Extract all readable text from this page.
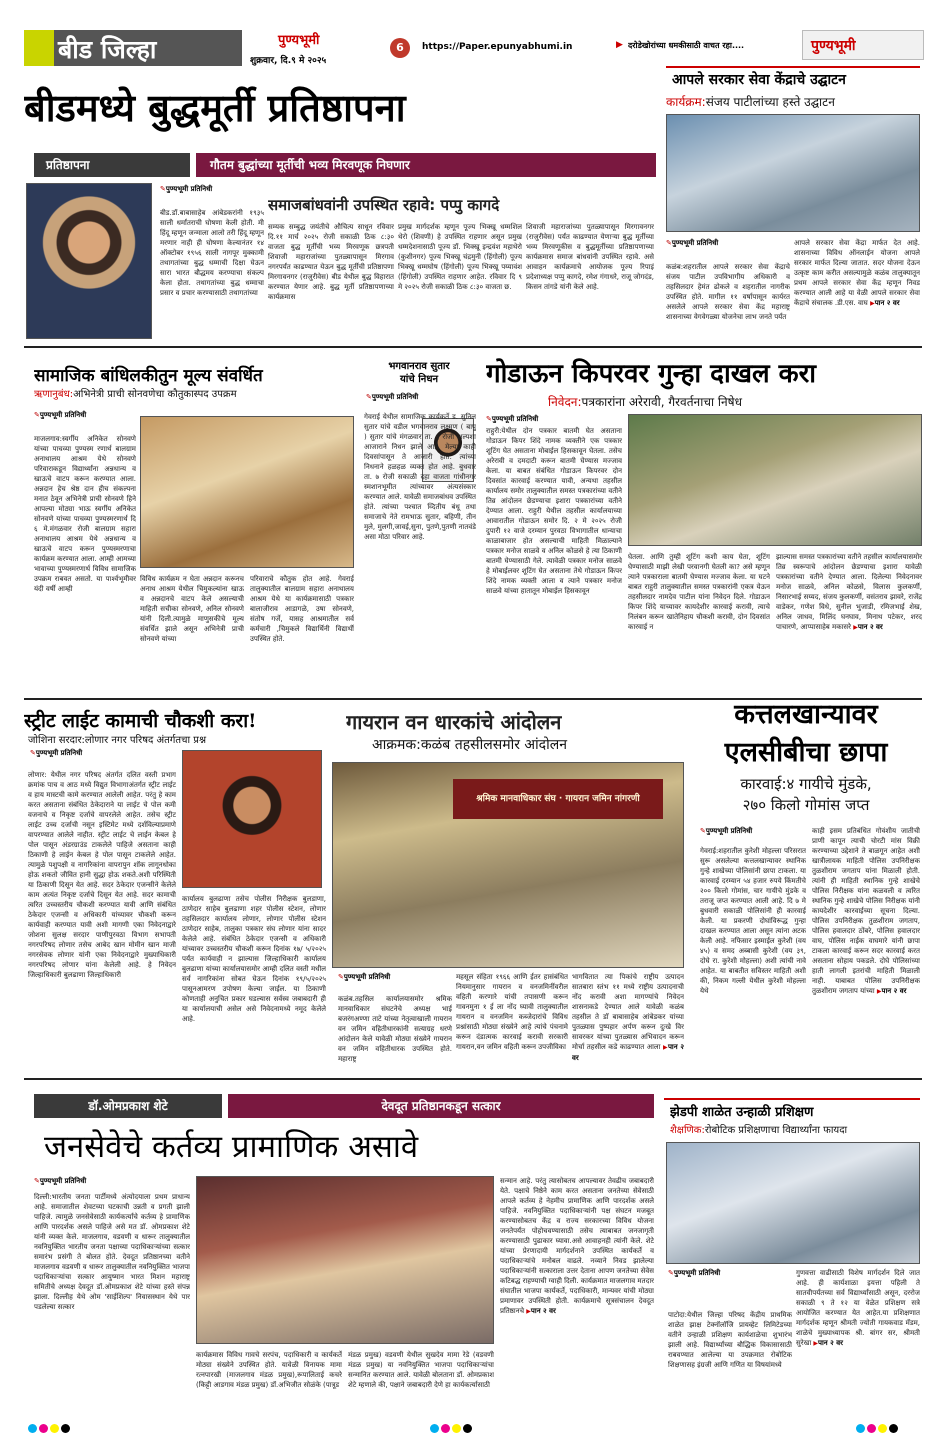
बीड जिल्हा	पुण्यभूमी
शुक्रवार, दि.९ मे २०२५
6	https://Paper.epunyabhumi.in	▶ दरोडेखोरांच्या धमकीसाठी वाचत रहा....	पुण्यभूमी
बीडमध्ये बुद्धमूर्ती प्रतिष्ठापना
प्रतिष्ठापना	गौतम बुद्धांच्या मूर्तीची भव्य मिरवणूक निघणार
✎ पुण्यभूमी प्रतिनिधी
समाजबांधवांनी उपस्थित रहावे: पप्पु कागदे
बीड.डॉ.बाबासाहेब आंबेडकरांनी १९३५ साली धर्मांतराची घोषणा केली होती. मी हिंदू म्हणून जन्माला आलो तरी हिंदू म्हणून मरणार नाही ही घोषणा केल्यानंतर १४ ऑक्टोबर १९५६ साली नागपूर मुक्कामी तथागतांच्या बुद्ध धम्माची दिक्षा घेऊन सारा भारत बौद्धमय करण्याचा संकल्प केला होता. तथागतांच्या बुद्ध धम्माचा प्रसार व प्रचार करण्यासाठी तथागतांच्या
सम्यक सम्बुद्ध जयंतीचे औचित्य साधून रविवार दि.११ मार्च २०२५ रोजी सकाळी ठिक ८:३० वाजता बुद्ध मूर्तींची भव्य मिरवणूक छत्रपती शिवाजी महाराजांच्या पुतळ्यापासून मिरगाव नगरपर्यंत काढण्यात येऊन बुद्ध मूर्तीची प्रतिष्ठापणा मिरगावनगर (राजुरीवेस) बीड येथील बुद्ध विहारात करण्यात येणार आहे. बुद्ध मूर्ती प्रतिष्ठापणाच्या कार्यक्रमास
प्रमुख मार्गदर्शक म्हणून पूज्य भिक्खू धम्मशिल थेरो (शिवणी) हे उपस्थित राहणार असून प्रमुख धम्मदेशनासाठी पूज्य डॉ. भिक्खू इन्द्रवंश महाथेरो (कुशीनगर) पूज्य भिक्खू चंद्रमुनी (हिंगोली) पूज्य भिक्खू धम्मघोष (हिंगोली) पूज्य भिक्खू पय्यावंश (हिंगोली) उपस्थित राहणार आहेत. रविवार दि ९ मे २०२५ रोजी सकाळी ठिक ८:३० वाजता छ.
शिवाजी महाराजांच्या पुतळ्यापासून मिरगावनगर (राजुरीवेस) पर्यंत काढण्यात येणाऱ्या बुद्ध मूर्तीच्या भव्य मिरवणूकीस व बुद्धमूर्तीच्या प्रतिष्ठापणाच्या कार्यक्रमास समाज बांधवांनी उपस्थित रहावे. असे आवाहन कार्यक्रमाचे आयोजक पूज्य रिपाइं प्रदेशाध्यक्ष पप्पु कागदे, रमेश गंगाधरे, राजू जोगदंड, किसन तांगडे यांनी केले आहे.
आपले सरकार सेवा केंद्राचे उद्घाटन
कार्यक्रम:संजय पाटीलांच्या हस्ते उद्घाटन
✎ पुण्यभूमी प्रतिनिधी
कळंब:शहरातील आपले सरकार सेवा केंद्राचे संजय पाटील उपविभागीय अधिकारी व तहसिलदार हेमंत ढोकले व शहरातील नागरीक उपस्थित होते. मागील ११ वर्षापासून कार्यरत असलेले आपले सरकार सेवा केंद्र महाराष्ट्र शासनाच्या वेगवेगळ्या योजनेचा लाभ जनते पर्यंत
आपले सरकार सेवा केंद्रा मार्फत देत आहे. शासनाच्या विविध ऑनलाईन योजना आपले सरकार मार्फत दिल्या जातात. सदर योजना देऊन उत्कृष्ट काम करीत असल्यामुळे कळंब तालुक्यातून प्रथम आपले सरकार सेवा केंद्र म्हणून निवड करण्यात आली आहे या वेळी आपले सरकार सेवा केंद्राचे संचालक .डी.एस. वाघ ▶ पान २ वर
सामाजिक बांधिलकीतुन मूल्य संवर्धित
ऋणानुबंध:अभिनेत्री प्राची सोनवणेचा कौतुकास्पद उपक्रम
✎ पुण्यभूमी प्रतिनिधी
माजलगाव:स्वर्गीय अनिकेत सोनवणे यांच्या पाचव्या पुण्यस्म रणार्थ बालग्राम अनाथालय आश्रम येथे सोनवणे परिवाराकडून विद्यार्थ्यांना अन्नधान्य व खाऊचे वाटप करून करण्यात आला. अन्नदान हेच श्रेष्ठ दान हीच संकल्पना मनात ठेवून अभिनेत्री प्राची सोनवणे हिने आपल्या मोठ्या भाऊ स्वर्गीय अनिकेत सोनवणे यांच्या पाचव्या पुण्यस्मरणार्थ दि ६ मे.मंगळवार रोजी बालग्राम सहारा अनाथालय आश्रम येथे अन्नधान्य व खाऊचे वाटप करून पुण्यस्मरणाचा कार्यक्रम करण्यात आला. आम्ही आमच्या भावाच्या पुण्यस्मरणार्थ विविध सामाजिक उपक्रम राबवत असतो. या पार्श्वभूमीवर यंदी वर्षी आम्ही
विविध कार्यक्रम न घेता अन्नदान करूनच अनाथ आश्रम येथील चिमुकल्यांना खाऊ व अन्नदानचे वाटप केले असल्याची माहिती सचीका सोनवणे, अनिल सोनवणे यांनी दिली.त्यामुळे माणुसकीचे मूल्य संवर्धित झाले असून अभिनेत्री प्राची सोनवणे यांच्या
परिवाराचे कौतुक होत आहे. गेवराई तालुक्यातील बालग्राम सहारा अनाथालय आश्रम येथे या कार्यक्रमासाठी पत्रकार बालाजीराव आडागळे, उषा सोनवणे, संतोष गर्जे, यासह आश्रमातील सर्व कर्मचारी ,चिमुकले विद्यार्थिनी विद्यार्थी उपस्थित होते.
भगवानराव सुतार
यांचे निधन
✎ पुण्यभूमी प्रतिनिधी
गेवराई येथील सामाजिक कार्यकर्ते ड. सुनिल सुतार यांचे वडील भगवानराव लक्ष्मण ( बापु ) सुतार यांचे मंगळवार ता. ६ रोजी अल्पशा आजाराने निधन झाले आहे. मेल्या काही दिवसांपासून ते आजारी होते. त्यांच्या निधनाने हळहळ व्यक्त होत आहे. बुधवार ता. ७ रोजी सकाळी दहा वाजता गांधीनगर स्मशानभूमीत त्यांच्यावर अंत्यसंस्कार करण्यात आले. यावेळी समाजबांधव उपस्थित होते. त्यांच्या पश्चात व्दितीय बंधू तथा समाजाचे नेते रामभाऊ सुतार, बहिणी, तीन मुले, मुलगी,जावई,सुना, पुतणे,पुतणी नातवंडे असा मोठा परिवार आहे.
गोडाऊन किपरवर गुन्हा दाखल करा
निवेदन:पत्रकारांना अरेरावी, गैरवर्तनाचा निषेध
✎ पुण्यभूमी प्रतिनिधी
राहुरी:येथील दोन पत्रकार बातमी घेत असताना गोडाऊन किपर शिंदे नामक व्यक्तीने एक पत्रकार शूटिंग घेत असताना मोबाईल हिसकावून घेतला. तसेच अरेरावी व दमदाटी करून बातमी घेण्यास मज्जाव केला. या बाबत संबंधित गोडाऊन किपरवर दोन दिवसांत कारवाई करण्यात यावी, अन्यथा तहसील कार्यालय समोर तालुक्यातील समस्त पत्रकारांच्या वतीने तिव्र आंदोलन छेडण्याचा इशारा पत्रकारांच्या वतीने देण्यात आला. राहुरी येथील तहसील कार्यालयाच्या आवारातील गोडाऊन समोर दि. २ मे २०२५ रोजी दुपारी १२ वाजे दरम्यान पुरवठा विभागातील धान्याचा काळाबाजार होत असल्याची माहिती मिळाल्याने पत्रकार मनोज साळवे व अनिल कोळसे हे त्या ठिकाणी बातमी घेण्यासाठी गेले. त्यावेळी पत्रकार मनोज साळवे हे मोबाईलवर शूटिंग घेत असताना तेथे गोडाऊन किपर शिंदे नामक व्यक्ती आला व त्याने पत्रकार मनोज साळवे यांच्या हातातून मोबाईल हिसकावून
घेतला. आणि तुम्ही शूटिंग कशी काय घेता, शूटिंग घेण्यासाठी माझी लेखी परवानगी घेतली का? असे म्हणून त्याने पत्रकाराला बातमी घेण्यास मज्जाव केला. या घटने बाबत राहुरी तालुक्यातील समस्त पत्रकारांनी एकत्र येऊन तहसीलदार नामदेव पाटील यांना निवेदन दिले. गोडाऊन किपर शिंदे याच्यावर कायदेशीर कारवाई करावी, त्याचे निलंबन करून खातेनिहाय चौकशी करावी, दोन दिवसांत कारवाई न
झाल्यास समस्त पत्रकारांच्या वतीने तहसील कार्यालयासमोर तिव्र स्वरूपाचे आंदोलन छेडण्याचा इशारा यावेळी पत्रकारांच्या वतीने देण्यात आला. दिलेल्या निवेदनावर मनोज साळवे, अनिल कोळसे, विलास कुलकर्णी, निसारभाई सय्यद, संजय कुलकर्णी, वसंतराव झावरे, राजेंद्र वाडेकर, गणेश विधे, सुनील भुजाडी, रमिजभाई शेख, अनिल जाधव, मिलिंद घनघाव, मिनाथ पटेकर, शरद पाचारणे, आप्पासाहेब मकासरे ▶ पान २ वर
स्ट्रीट लाईट कामाची चौकशी करा!
जोशिना सरदार:लोणार नगर परिषद अंतर्गतचा प्रश्न
✎ पुण्यभूमी प्रतिनिधी
लोणार: येथील नगर परिषद अंतर्गत दलित वस्ती प्रभाग क्रमांक पाच व आठ मध्ये विद्युत विभागाअंतर्गत स्ट्रीट लाईट व हाय मास्टची कामे करण्यात आलेली आहेत. परंतु हे काम करत असताना संबंधित ठेकेदाराने या लाईट चे पोल कमी वजनाचे व निकृष्ट दर्जाचे वापरलेले आहेत. तसेच स्ट्रीट लाईट उच्च दर्जाची नसून इस्टिमेट मध्ये दर्शविल्याप्रमाणे वापरण्यात आलेले नाहीत. स्ट्रीट लाईट चे लाईन केबल हे पोल पासून अंडरग्राउंड टाकलेले पाहिजे असताना काही ठिकाणी हे लाईन केबल हे पोल पासून टाकलेले आहेत. त्यामुळे पशुपक्षी व नागरिकांना वापरापुन शॉक लागूनधोका होऊ शकतो जीवित हानी सुद्धा होऊ शकते.अशी परिस्थिती या ठिकाणी दिसून येत आहे. सदर ठेकेदार एजन्सीने केलेले काम अत्यंत निकृष्ट दर्जाचे दिसून येत आहे. सदर कामाची त्वरित उच्चस्तरीय चौकशी करण्यात यावी आणि संबंधित ठेकेदार एजन्सी व अधिकारी यांच्यावर चौकशी करून कार्यवाही करण्यात यावी अशी मागणी एका निवेदनाद्वारे जोशना सुलक्ष सरदार पाणीपुरवठा विभाग सभापती नगरपरिषद लोणार तसेच आबेद खान मोमीन खान माजी नगरसेवक लोणार यांनी एका निवेदनाद्वारे मुख्याधिकारी नगरपरिषद लोणार यांना केलेली आहे. हे निवेदन जिल्हाधिकारी बुलढाणा जिल्हाधिकारी
कार्यालय बुलढाणा तसेच पोलीस निरीक्षक बुलडाणा, ठाणेदार साहेब बुलढाणा शहर पोलीस स्टेशन, लोणार तहसिलदार कार्यालय लोणार, लोणार पोलीस स्टेशन ठाणेदार साहेब, तालुका पत्रकार संघ लोणार यांना सादर केलेले आहे. संबंधित ठेकेदार एजन्सी व अधिकारी यांच्यावर उच्चस्तरीय चौकशी करून दिनांक १७/ ५/२०२५ पर्यंत कार्यवाही न झाल्यास जिल्हाधिकारी कार्यालय बुलढाणा यांच्या कार्यालयासमोर आम्ही दलित वस्ती मधील सर्व नागरिकांना सोबत घेऊन दिनांक १९/५/२०२५ पासूनआमरण उपोषण केल्या जाईल. या ठिकाणी कोणताही अनुचित प्रकार घडल्यास सर्वस्व जबाबदारी ही या कार्यालयाची असेल असे निवेदनामध्ये नमूद केलेले आहे.
गायरान वन धारकांचे आंदोलन
आक्रमक:कळंब तहसीलसमोर आंदोलन
श्रमिक मानवाधिकार संघ · गायरान जमिन नांगरणी
✎ पुण्यभूमी प्रतिनिधी
कळंब.तहसिल कार्यालयासमोर श्रमिक मानवाधिकार संघटनेचे अध्यक्ष भाई बजरंगअण्णा ताटे यांच्या नेतृत्वाखाली गायरान वन जमिन वहितीधारकांनी सत्याग्रह धरणे आंदोलन केले यावेळी मोठ्या संख्येने गायरान वन जमिन वहितीधारक उपस्थित होते. महाराष्ट्र
महसूल संहिता १९६६ आणि ईतर हासंबंधित नियमानुसार गायरान व वनजमिनींवरील वहिती करणारे यांची तपासणी करून गावनमुना १ ई ला नोंद घ्यावी तालुक्यातील गायरान व वनजमिन कब्जेदारांचे विविध प्रश्नांसाठी मोठ्या संख्येने आहे त्यांचे पंचनामे करून दंडात्मक कारवाई करावी सरकारी गायरान,वन जमिन वहिती करून उपजीविका
भागवितात त्या पिकांचे राष्ट्रीय उत्पादन सातबारा स्तंभ ११ मध्ये राष्ट्रीय उत्पादनाची नोंद करावी अशा मागण्यांचे निवेदन शासनाकडे देण्यात आले यावेळी कळंब तहसील ते डॉ बाबासाहेब आंबेडकर यांच्या पुतळ्यास पुष्पहार अर्पण करून दुःखे विर सावरकर यांच्या पुतळ्यास अभिवादन करून मोर्चा तहसील कडे काढण्यात आला ▶ पान २ वर
कत्तलखान्यावर
एलसीबीचा छापा
कारवाई:४ गायीचे मुंडके,
२७० किलो गोमांस जप्त
✎ पुण्यभूमी प्रतिनिधी
गेवराई:शहरातील कुरेशी मोहल्ला परिसरात सुरू असलेल्या कत्तलखान्यावर स्थानिक गुन्हे शाखेच्या पोलिसांनी छापा टाकला. या कारवाई दरम्यान ५४ हजार रुपये किंमतीचे २०० किलो गोमांस, चार गायीचे मुंडके व तराजू जप्त करण्यात आली आहे. दि ७ मे बुधवारी सकाळी पोलिसांनी ही कारवाई केली. या प्रकरणी दोघांविरूद्ध गुन्हा दाखल करण्यात आला असून त्यांना अटक केली आहे. नफिसार इस्माईल कुरेशी (वय ४५) व समद अब्बासी कुरेशी (वय ३९, दोघे रा. कुरेशी मोहल्ला) अशी त्यांची नावे आहेत. या बाबतीत सविस्तर माहिती अशी की, निकम गल्ली येथील कुरेशी मोहल्ला येथे
काही इसम प्रतिबंधित गोवंशीय जातीची प्राणी कापून त्याची चोरटी मांस विक्री करण्याच्या उद्देशाने ते बाळगून आहेत अशी खात्रीलायक माहिती पोलिस उपनिरीक्षक तुळशीराम जगताप यांना मिळाली होती. त्यांनी ही माहिती स्थानिक गुन्हे शाखेचे पोलिस निरीक्षक यांना कळवली व त्वरित स्थानिक गुन्हे शाखेचे पोलिस निरीक्षक यांनी कायदेशीर कारवाईच्या सूचना दिल्या. पोलिस उपनिरीक्षक तुळशीराम जगताप, पोलिस हवालदार ठोंबरे, पोलिस हवालदार वाघ, पोलिस नाईक वाघमारे यांनी छापा टाकला कारवाई करून सदर कारवाई करत असताना सोहाय पकडले. दोघे पोलिसांच्या हाती लागली इतरांची माहिती मिळाली नाही. याबाबत पोलिस उपनिरीक्षक तुळशीराम जगताप यांच्या ▶ पान २ वर
डॉ.ओमप्रकाश शेटे	देवदूत प्रतिष्ठानकडून सत्कार
जनसेवेचे कर्तव्य प्रामाणिक असावे
✎ पुण्यभूमी प्रतिनिधी
दिल्ली:भारतीय जनता पार्टीमध्ये अंत्योदयाला प्रथम प्राधान्य आहे. समाजातील शेवटच्या घटकाची उन्नती व प्रगती झाली पाहिजे. त्यामुळे जनसेवेसाठी कार्यकर्त्यांचे कर्तव्य हे प्रामाणिक आणि पारदर्शक असले पाहिजे असे मत डॉ. ओमप्रकाश शेटे यांनी व्यक्त केले. माजलगाव, वडवणी व धारूर तालुक्यातील नवनियुक्तित भारतीय जनता पक्षाच्या पदाधिकाऱ्यांच्या सत्कार समारंभ प्रसंगी ते बोलत होते. देवदूत प्रतिष्ठानच्या वतीने माजलगाव वडवणी व धारूर तालुक्यातील नवनियुक्तित भाजपा पदाधिकाऱ्यांचा सत्कार आयुष्मान भारत मिशन महाराष्ट्र समितीचे अध्यक्ष देवदूत डॉ.ओमप्रकाश शेटे यांच्या हस्ते संपन्न झाला. दिल्लीह येथे ओम 'साईशिल्प' निवासस्थान येथे पार पडलेल्या सत्कार
कार्यक्रमास विविध गावचे सरपंच, पदाधिकारी व कार्यकर्ते मोठ्या संख्येने उपस्थित होते. यावेळी विनायक मामा रत्नपारखी (माजलगाव मंडळ प्रमुख),रूपालिताई कचरे (किट्टी आडगाव मंडळ प्रमुख) डॉ.अभिजीत सोळंके (पात्रूड
मंडळ प्रमुख) वडवणी येथील सुखदेव मामा रेडे (वडवणी मंडळ प्रमुख) या नवनियुक्तित भाजपा पदाधिकाऱ्यांचा सन्मानित करण्यात आले. यावेळी बोलताना डॉ. ओमप्रकाश शेटे म्हणाले की, पक्षाने जबाबदारी देणे हा कार्यकर्त्यासाठी
सन्मान आहे. परंतु त्यासोबतच आपल्यावर तेवढीच जबाबदारी येते. पक्षाचे निष्ठेने काम करत असताना जनतेच्या सेवेसाठी आपले कर्तव्य हे नेहमीच प्रामाणिक आणि पारदर्शक असले पाहिजे. नवनियुक्तित पदाधिकाऱ्यांनी पक्ष संघटन मजबूत करण्यासोबतच केंद्र व राज्य सरकारच्या विविध योजना जनतेपर्यंत पोहोचवण्यासाठी तसेच त्याबाबत जनजागृती करण्यासाठी पुढाकार घ्यावा.असे आवाहनही त्यांनी केले. शेटे यांच्या प्रेरणादायी मार्गदर्शनाने उपस्थित कार्यकर्ते व पदाधिकाऱ्यांचे मनोबल वाढले. नव्याने निवड झालेल्या पदाधिकाऱ्यांनी सत्काराला उत्तर देताना आपण जनतेच्या सेवेस कटिबद्ध राहण्याची ग्वाही दिली. कार्यक्रमात माजलगाव मतदार संघातील भाजपा कार्यकर्ते, पदाधिकारी, मान्यवर यांची मोठ्या प्रमाणावर उपस्थिती होती. कार्यक्रमाचे सूत्रसंचालन देवदूत प्रतिष्ठानचे ▶ पान २ वर
झेडपी शाळेत उन्हाळी प्रशिक्षण
शैक्षणिक:रोबोटिक प्रशिक्षणाचा विद्यार्थ्यांना फायदा
✎ पुण्यभूमी प्रतिनिधी
पाटोदा:येथील जिल्हा परिषद केंद्रीय प्राथमिक शाळेत झाक्ष टेक्नॉलॉजि प्रायव्हेट लिमिटेडच्या वतीने उन्हाळी प्रशिक्षण कार्यशाळेचा शुभारंभ झाली आहे. विद्यार्थ्यांच्या बौद्धिक विकासासाठी राबवण्यात आलेल्या या उपक्रमात रोबोटिक शिक्षणासह इंग्रजी आणि गणित या विषयांमध्ये
गुणवत्ता वाढीसाठी विशेष मार्गदर्शन दिले जात आहे. ही कार्यशाळा इयत्ता पहिली ते सातवीपर्यंतच्या सर्व विद्यार्थ्यांसाठी असून, दररोज सकाळी ९ ते १२ या वेळेत प्रशिक्षण सत्रे आयोजित करण्यात येत आहेत.या प्रशिक्षणात मार्गदर्शक म्हणून श्रीमती ज्योती गायकवाड मॅडम, शाळेचे मुख्याध्यापक श्री. बांगर सर, श्रीमती सुरेखा ▶ पान २ वर
